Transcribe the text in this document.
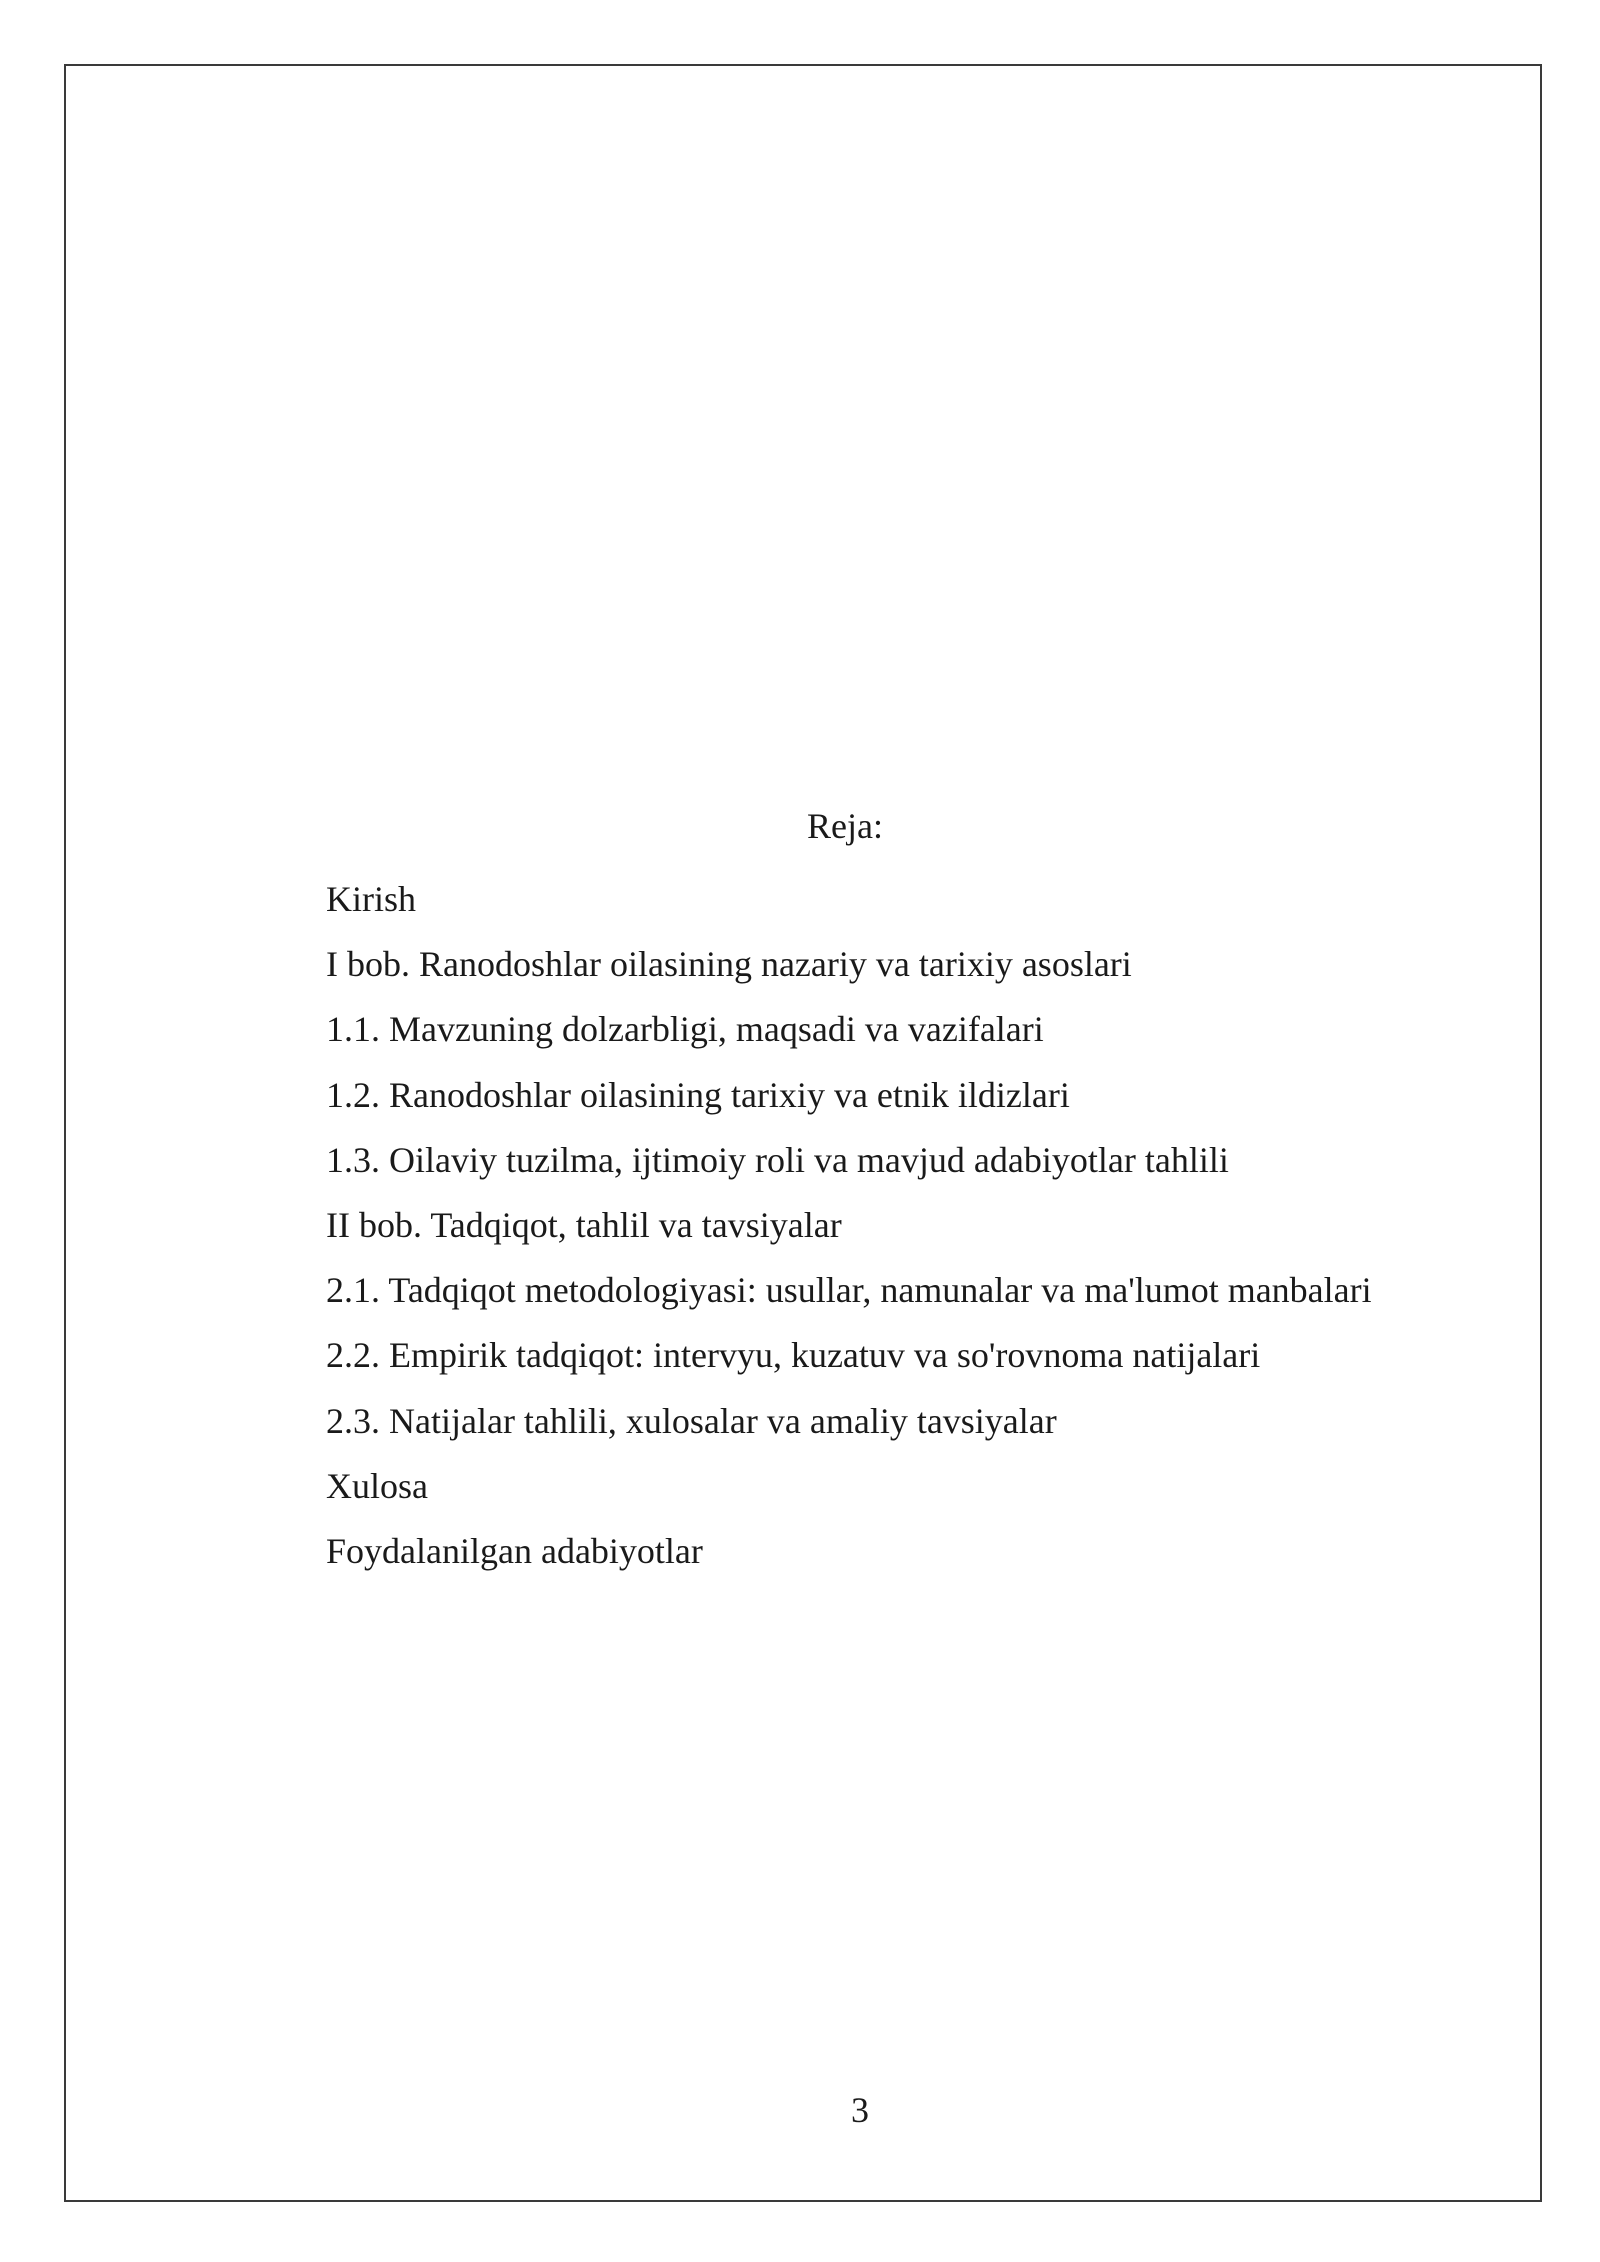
Reja:
Kirish
I bob. Ranodoshlar oilasining nazariy va tarixiy asoslari
1.1. Mavzuning dolzarbligi, maqsadi va vazifalari
1.2. Ranodoshlar oilasining tarixiy va etnik ildizlari
1.3. Oilaviy tuzilma, ijtimoiy roli va mavjud adabiyotlar tahlili
II bob. Tadqiqot, tahlil va tavsiyalar
2.1. Tadqiqot metodologiyasi: usullar, namunalar va ma'lumot manbalari
2.2. Empirik tadqiqot: intervyu, kuzatuv va so'rovnoma natijalari
2.3. Natijalar tahlili, xulosalar va amaliy tavsiyalar
Xulosa
Foydalanilgan adabiyotlar
3
